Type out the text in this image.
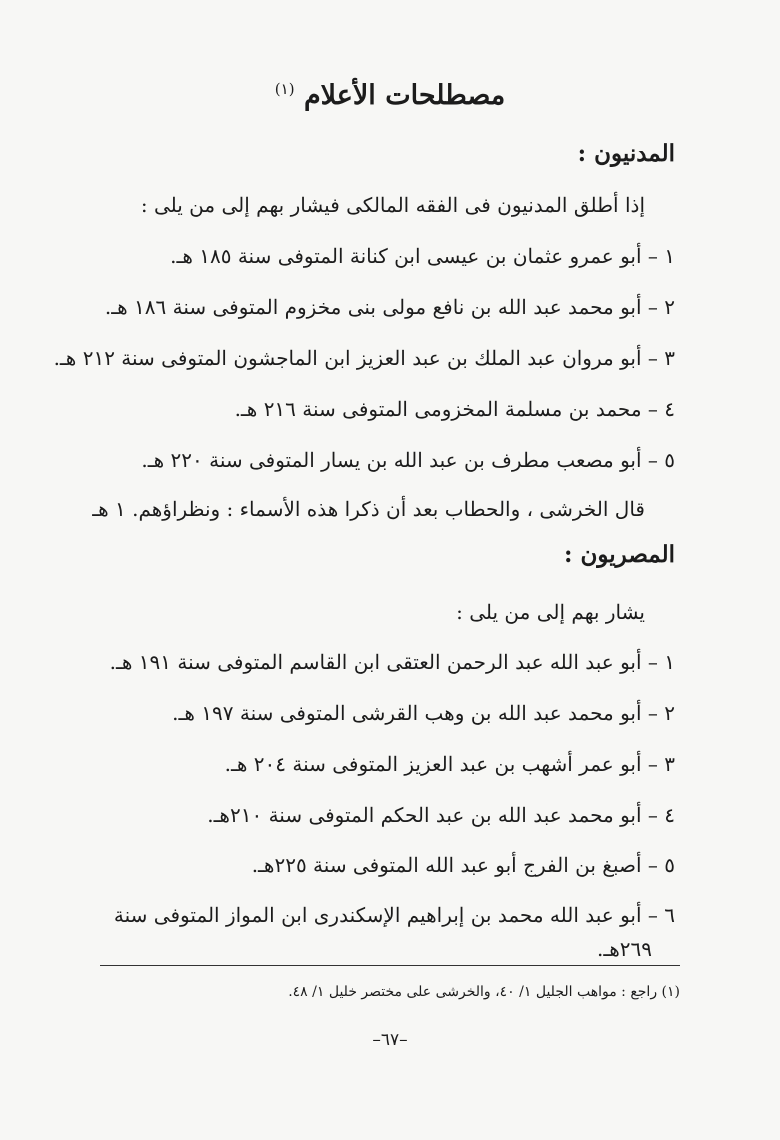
مصطلحات الأعلام $^{(١)}$
المدنيون :
إذا أطلق المدنيون فى الفقه المالكى فيشار بهم إلى من يلى :
١ – أبو عمرو عثمان بن عيسى ابن كنانة المتوفى سنة ١٨٥ هـ.
٢ – أبو محمد عبد الله بن نافع مولى بنى مخزوم المتوفى سنة ١٨٦ هـ.
٣ – أبو مروان عبد الملك بن عبد العزيز ابن الماجشون المتوفى سنة ٢١٢ هـ.
٤ – محمد بن مسلمة المخزومى المتوفى سنة ٢١٦ هـ.
٥ – أبو مصعب مطرف بن عبد الله بن يسار المتوفى سنة ٢٢٠ هـ.
قال الخرشى ، والحطاب بعد أن ذكرا هذه الأسماء : ونظراؤهم. ١ هـ
المصريون :
يشار بهم إلى من يلى :
١ – أبو عبد الله عبد الرحمن العتقى ابن القاسم المتوفى سنة ١٩١ هـ.
٢ – أبو محمد عبد الله بن وهب القرشى المتوفى سنة ١٩٧ هـ.
٣ – أبو عمر أشهب بن عبد العزيز المتوفى سنة ٢٠٤ هـ.
٤ – أبو محمد عبد الله بن عبد الحكم المتوفى سنة ٢١٠هـ.
٥ – أصبغ بن الفرج أبو عبد الله المتوفى سنة ٢٢٥هـ.
٦ – أبو عبد الله محمد بن إبراهيم الإسكندرى ابن المواز المتوفى سنة
٢٦٩هـ.
(١) راجع : مواهب الجليل ١/ ٤٠، والخرشى على مختصر خليل ١/ ٤٨.
–٦٧–
